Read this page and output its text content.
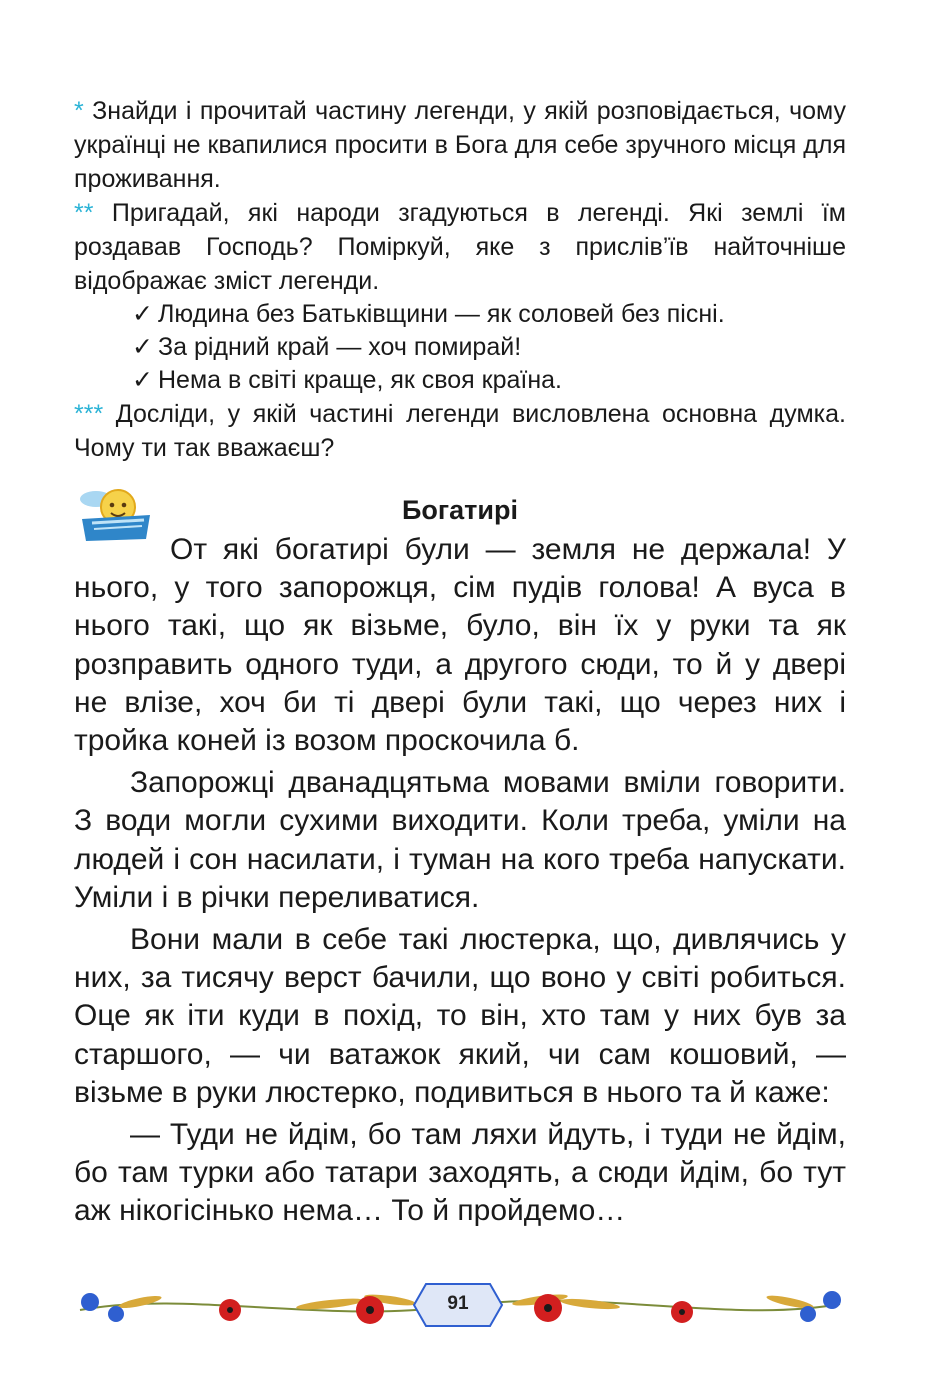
* Знайди і прочитай частину легенди, у якій розповідається, чому українці не квапилися просити в Бога для себе зручного місця для проживання.

** Пригадай, які народи згадуються в легенді. Які землі їм роздавав Господь? Поміркуй, яке з прислів’їв найточніше відображає зміст легенди.

✓ Людина без Батьківщини — як соловей без пісні.
✓ За рідний край — хоч помирай!
✓ Нема в світі краще, як своя країна.

*** Досліди, у якій частині легенди висловлена основна думка. Чому ти так вважаєш?

Богатирі

От які богатирі були — земля не держала! У нього, у того запорожця, сім пудів голова! А вуса в нього такі, що як візьме, було, він їх у руки та як розправить одного туди, а другого сюди, то й у двері не влізе, хоч би ті двері були такі, що через них і тройка коней із возом проскочила б.

Запорожці дванадцятьма мовами вміли говорити. З води могли сухими виходити. Коли треба, уміли на людей і сон насилати, і туман на кого треба напускати. Уміли і в річки переливатися.

Вони мали в себе такі люстерка, що, дивлячись у них, за тисячу верст бачили, що воно у світі робиться. Оце як іти куди в похід, то він, хто там у них був за старшого, — чи ватажок який, чи сам кошовий, — візьме в руки люстерко, подивиться в нього та й каже:

— Туди не йдім, бо там ляхи йдуть, і туди не йдім, бо там турки або татари заходять, а сюди йдім, бо тут аж нікогісінько нема… То й пройдемо…

91
